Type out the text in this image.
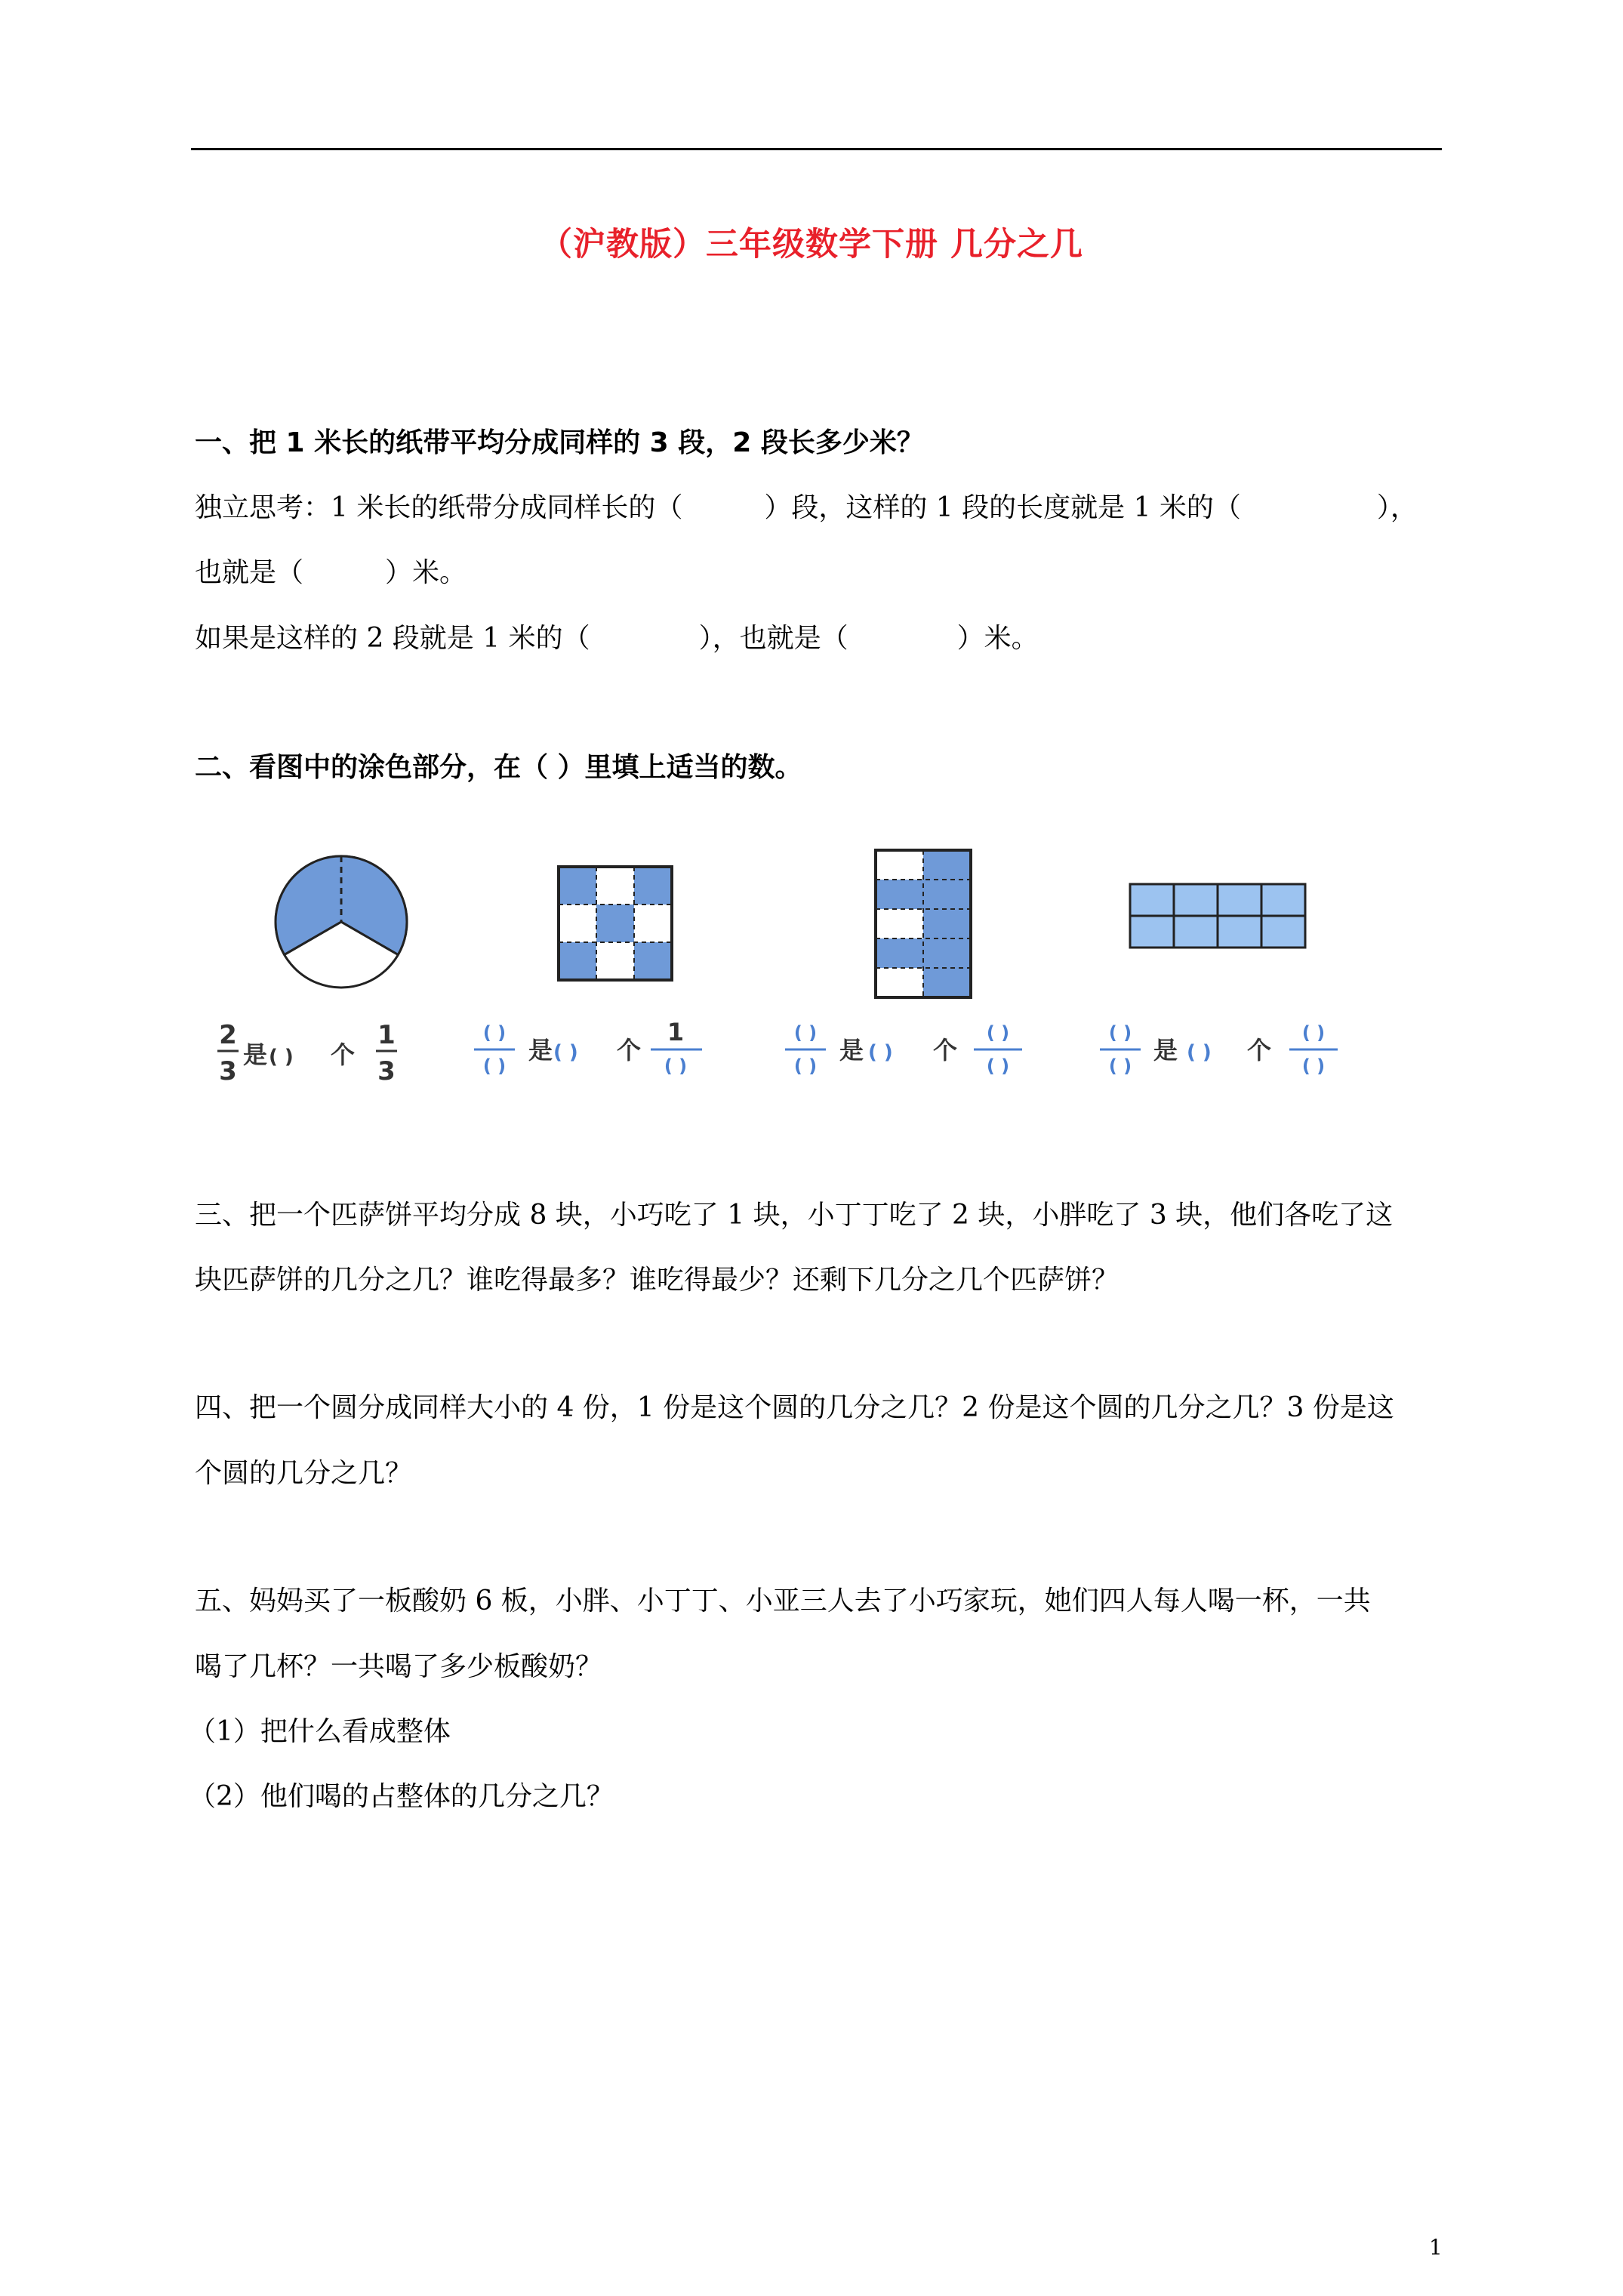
（沪教版）三年级数学下册 几分之几
一、把 1 米长的纸带平均分成同样的 3 段，2 段长多少米？
独立思考：1 米长的纸带分成同样长的（　　　）段，这样的 1 段的长度就是 1 米的（　　　　　），
也就是（　　　）米。
如果是这样的 2 段就是 1 米的（　　　　），也就是（　　　　）米。
二、看图中的涂色部分，在（ ）里填上适当的数。
2
3
是 ( ) 个
1
3
( )
( )
是 ( ) 个
1
( )
( )
( )
是 ( ) 个
( )
( )
( )
( )
是 ( ) 个
( )
( )
三、把一个匹萨饼平均分成 8 块，小巧吃了 1 块，小丁丁吃了 2 块，小胖吃了 3 块，他们各吃了这
块匹萨饼的几分之几？谁吃得最多？谁吃得最少？还剩下几分之几个匹萨饼？
四、把一个圆分成同样大小的 4 份，1 份是这个圆的几分之几？2 份是这个圆的几分之几？3 份是这
个圆的几分之几？
五、妈妈买了一板酸奶 6 板，小胖、小丁丁、小亚三人去了小巧家玩，她们四人每人喝一杯，一共
喝了几杯？一共喝了多少板酸奶？
（1）把什么看成整体
（2）他们喝的占整体的几分之几？
1
